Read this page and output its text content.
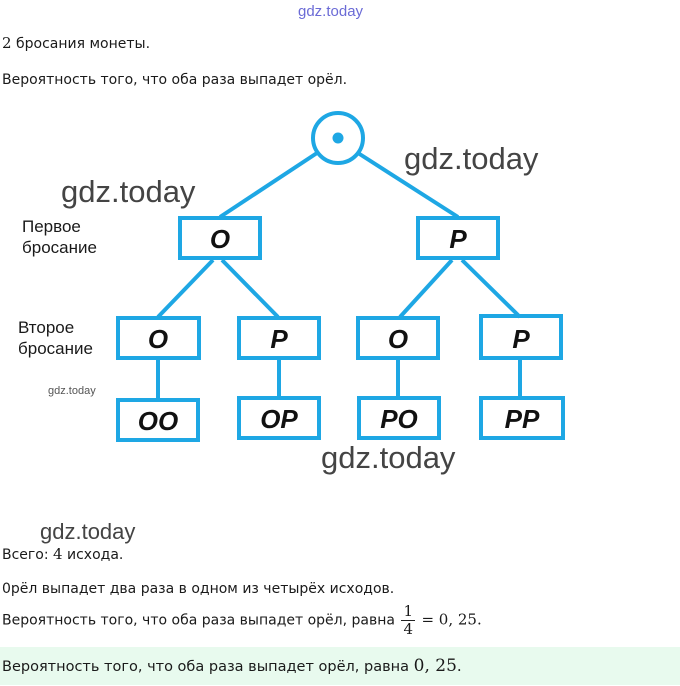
gdz.today
2 бросания монеты.
Вероятность того, что оба раза выпадет орёл.
О	Р
О	Р	О	Р
ОО	ОР	РО	РР
Первое
бросание
Второе
бросание
gdz.today
gdz.today
gdz.today
gdz.today
gdz.today
Всего: 4 исхода.
0рёл выпадет два раза в одном из четырёх исходов.
Вероятность того, что оба раза выпадет орёл, равна $\frac{1}{4} = 0$, 25.
Вероятность того, что оба раза выпадет орёл, равна 0, 25.
